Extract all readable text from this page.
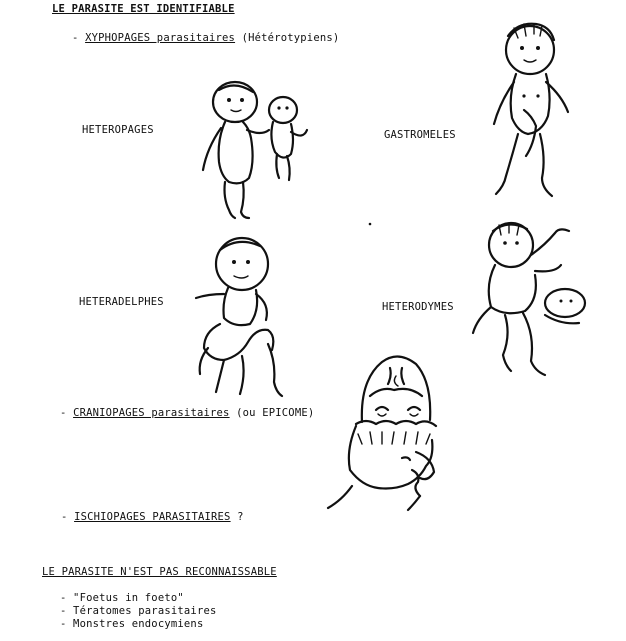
LE PARASITE EST IDENTIFIABLE
- XYPHOPAGES parasitaires (Hétérotypiens)
HETEROPAGES	GASTROMELES
HETERADELPHES	HETERODYMES
- CRANIOPAGES parasitaires (ou EPICOME)
- ISCHIOPAGES PARASITAIRES ?
LE PARASITE N'EST PAS RECONNAISSABLE
- "Foetus in foeto"
- Tératomes parasitaires
- Monstres endocymiens
